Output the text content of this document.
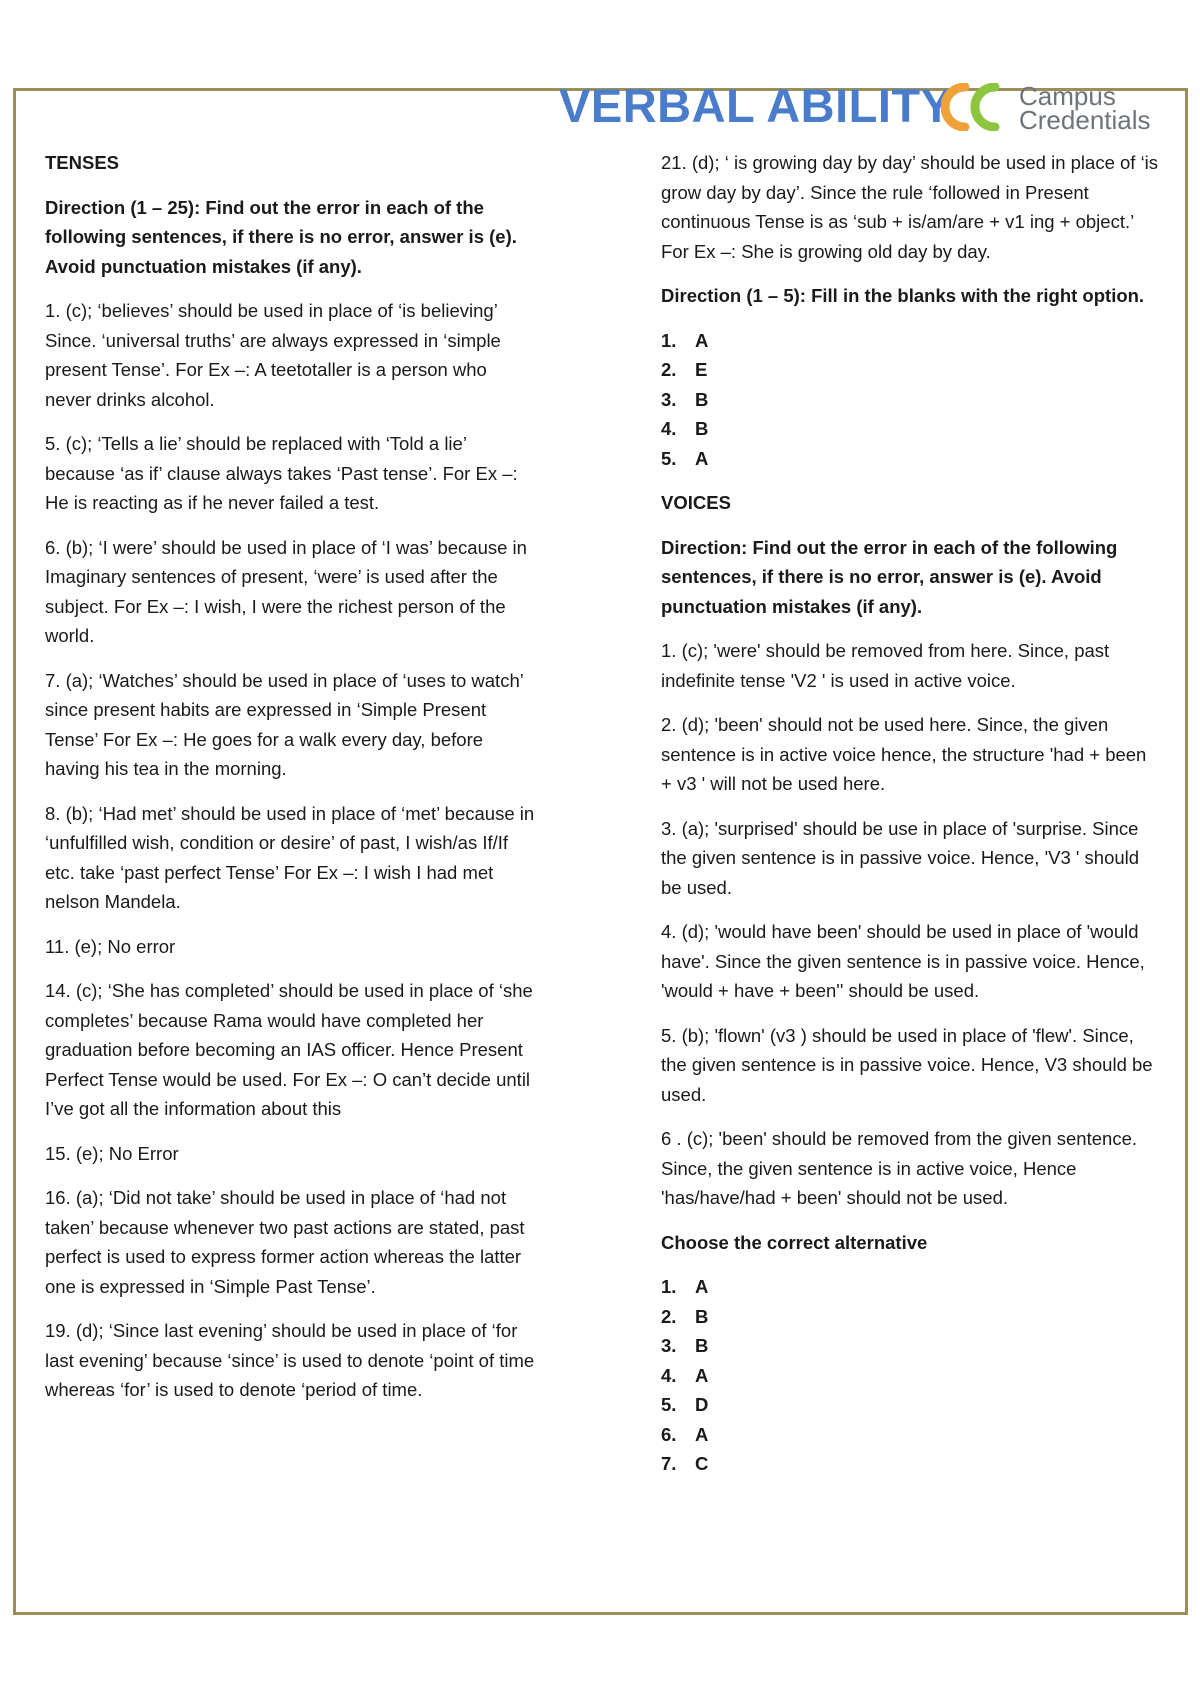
VERBAL ABILITY	Campus
Credentials

TENSES

Direction (1 – 25): Find out the error in each of the following sentences, if there is no error, answer is (e). Avoid punctuation mistakes (if any).

1. (c); ‘believes’ should be used in place of ‘is believing’ Since. ‘universal truths’ are always expressed in ‘simple present Tense’. For Ex –: A teetotaller is a person who never drinks alcohol.

5. (c); ‘Tells a lie’ should be replaced with ‘Told a lie’ because ‘as if’ clause always takes ‘Past tense’. For Ex –: He is reacting as if he never failed a test.

6. (b); ‘I were’ should be used in place of ‘I was’ because in Imaginary sentences of present, ‘were’ is used after the subject. For Ex –: I wish, I were the richest person of the world.

7. (a); ‘Watches’ should be used in place of ‘uses to watch’ since present habits are expressed in ‘Simple Present Tense’ For Ex –: He goes for a walk every day, before having his tea in the morning.

8. (b); ‘Had met’ should be used in place of ‘met’ because in ‘unfulfilled wish, condition or desire’ of past, I wish/as If/If etc. take ‘past perfect Tense’ For Ex –: I wish I had met nelson Mandela.

11. (e); No error

14. (c); ‘She has completed’ should be used in place of ‘she completes’ because Rama would have completed her graduation before becoming an IAS officer. Hence Present Perfect Tense would be used. For Ex –: O can’t decide until I’ve got all the information about this

15. (e); No Error

16. (a); ‘Did not take’ should be used in place of ‘had not taken’ because whenever two past actions are stated, past perfect is used to express former action whereas the latter one is expressed in ‘Simple Past Tense’.

19. (d); ‘Since last evening’ should be used in place of ‘for last evening’ because ‘since’ is used to denote ‘point of time whereas ‘for’ is used to denote ‘period of time.

21. (d); ‘ is growing day by day’ should be used in place of ‘is grow day by day’. Since the rule ‘followed in Present continuous Tense is as ‘sub + is/am/are + v1 ing + object.’ For Ex –: She is growing old day by day.

Direction (1 – 5): Fill in the blanks with the right option.

1.	A
2.	E
3.	B
4.	B
5.	A

VOICES

Direction: Find out the error in each of the following sentences, if there is no error, answer is (e). Avoid punctuation mistakes (if any).

1. (c); 'were' should be removed from here. Since, past indefinite tense 'V2 ' is used in active voice.

2. (d); 'been' should not be used here. Since, the given sentence is in active voice hence, the structure 'had + been + v3 ' will not be used here.

3. (a); 'surprised' should be use in place of 'surprise. Since the given sentence is in passive voice. Hence, 'V3 ' should be used.

4. (d); 'would have been' should be used in place of 'would have'. Since the given sentence is in passive voice. Hence, 'would + have + been'' should be used.

5. (b); 'flown' (v3 ) should be used in place of 'flew'. Since, the given sentence is in passive voice. Hence, V3 should be used.

6 . (c); 'been' should be removed from the given sentence. Since, the given sentence is in active voice, Hence 'has/have/had + been' should not be used.

Choose the correct alternative

1.	A
2.	B
3.	B
4.	A
5.	D
6.	A
7.	C
